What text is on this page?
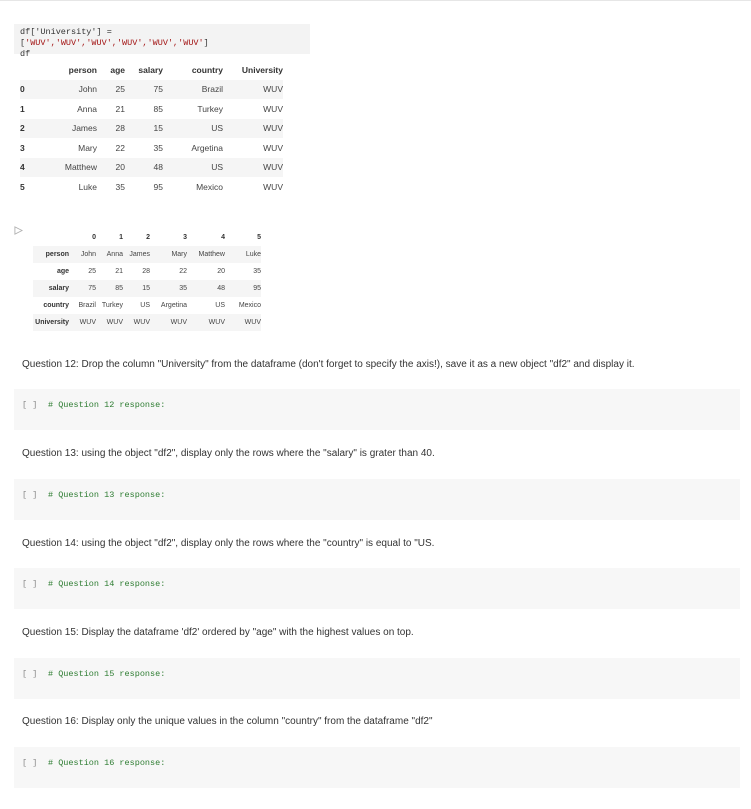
df['University'] = ['WUV','WUV','WUV','WUV','WUV','WUV']
df
	person	age	salary	country	University
0	John	25	75	Brazil	WUV
1	Anna	21	85	Turkey	WUV
2	James	28	15	US	WUV
3	Mary	22	35	Argetina	WUV
4	Matthew	20	48	US	WUV
5	Luke	35	95	Mexico	WUV
	0	1	2	3	4	5
person	John	Anna	James	Mary	Matthew	Luke
age	25	21	28	22	20	35
salary	75	85	15	35	48	95
country	Brazil	Turkey	US	Argetina	US	Mexico
University	WUV	WUV	WUV	WUV	WUV	WUV
Question 12: Drop the column "University" from the dataframe (don't forget to specify the axis!), save it as a new object "df2" and display it.
[ ] # Question 12 response:
Question 13: using the object "df2", display only the rows where the "salary" is grater than 40.
[ ] # Question 13 response:
Question 14: using the object "df2", display only the rows where the "country" is equal to "US.
[ ] # Question 14 response:
Question 15: Display the dataframe 'df2' ordered by "age" with the highest values on top.
[ ] # Question 15 response:
Question 16: Display only the unique values in the column "country" from the dataframe "df2"
[ ] # Question 16 response:
